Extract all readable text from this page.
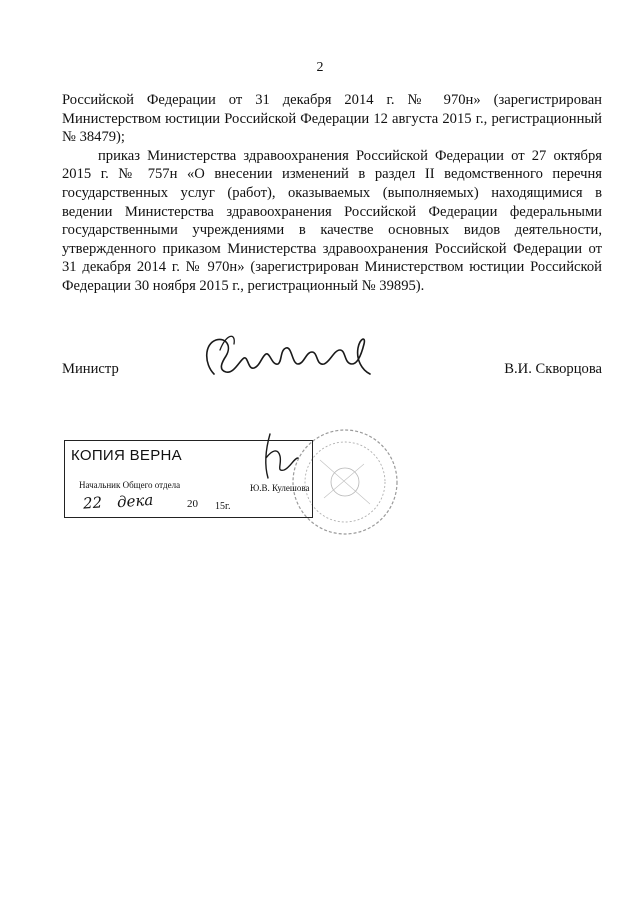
2

Российской Федерации от 31 декабря 2014 г. № 970н» (зарегистрирован Министерством юстиции Российской Федерации 12 августа 2015 г., регистрационный № 38479);

приказ Министерства здравоохранения Российской Федерации от 27 октября 2015 г. № 757н «О внесении изменений в раздел II ведомственного перечня государственных услуг (работ), оказываемых (выполняемых) находящимися в ведении Министерства здравоохранения Российской Федерации федеральными государственными учреждениями в качестве основных видов деятельности, утвержденного приказом Министерства здравоохранения Российской Федерации от 31 декабря 2014 г. № 970н» (зарегистрирован Министерством юстиции Российской Федерации 30 ноября 2015 г., регистрационный № 39895).

Министр	В.И. Скворцова
КОПИЯ ВЕРНА
Начальник Общего отдела	Ю.В. Кулешова
22 дека	20 15г.
